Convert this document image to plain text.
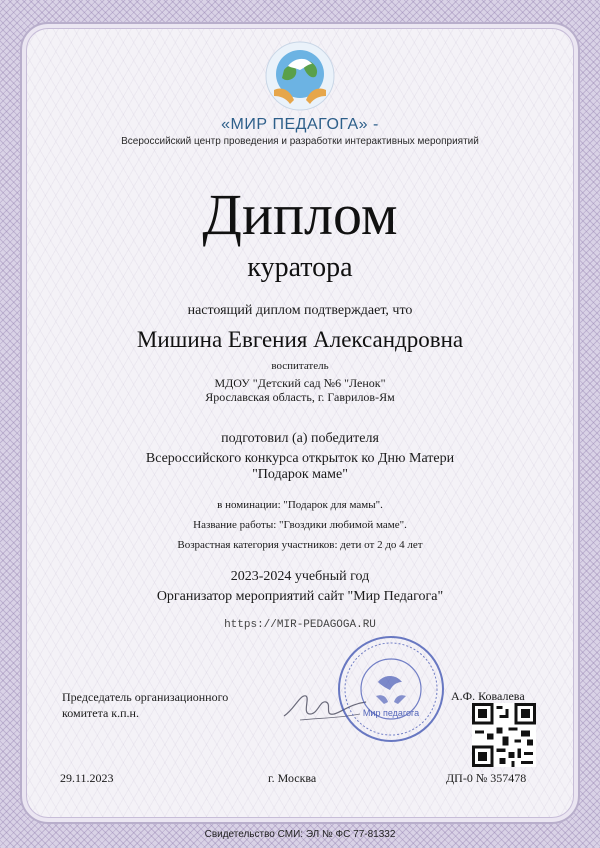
«МИР ПЕДАГОГА» -
Всероссийский центр проведения и разработки интерактивных мероприятий
Диплом
куратора
настоящий диплом подтверждает, что
Мишина Евгения Александровна
воспитатель
МДОУ "Детский сад №6 "Ленок"
Ярославская область, г. Гаврилов-Ям
подготовил (а) победителя
Всероссийского конкурса открыток ко Дню Матери
"Подарок маме"
в номинации: "Подарок для мамы".
Название работы: "Гвоздики любимой маме".
Возрастная категория участников: дети от 2 до 4 лет
2023-2024 учебный год
Организатор мероприятий сайт "Мир Педагога"
https://MIR-PEDAGOGA.RU
Председатель организационного
комитета к.п.н.	Мир педагога
А.Ф. Ковалева
29.11.2023	г. Москва	ДП-0 № 357478
Свидетельство СМИ: ЭЛ № ФС 77-81332
